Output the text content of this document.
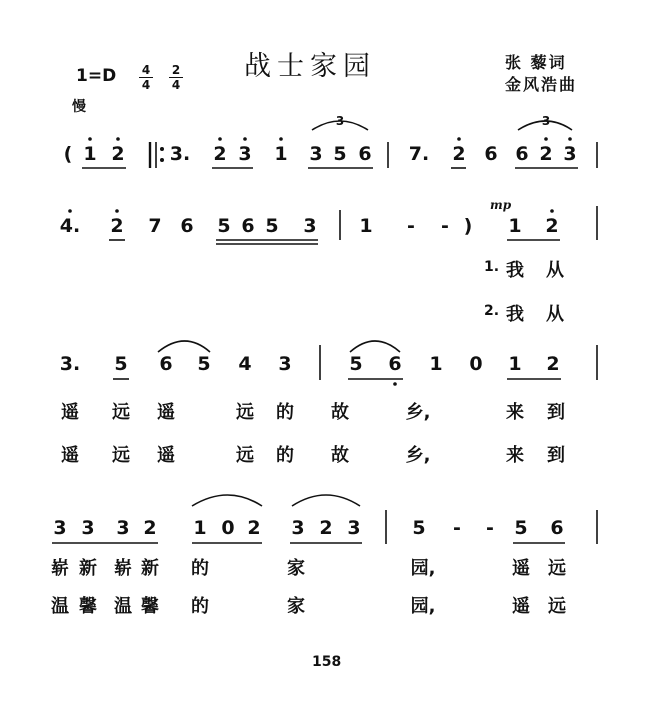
战士家园	张 藜词
金风浩曲
1=D 4
4
2
4
慢
mp
( 1 2 3. 2 3 1 3 5 6 7. 2 6 6 2 3
4. 2 7 6 5 6 5 3 1 - - ) 1 2
3. 5 6 5 4 3	5 6 1 0 1 2
3 3 3 2 1 0 2 3 2 3	5 - - 5 6
1. 我 从
2. 我 从
遥 远 遥	远 的 故	乡,	来 到
遥 远 遥	远 的 故	乡,	来 到
崭 新 崭 新 的	家	园,	遥 远
温 馨 温 馨 的	家	园,	遥 远
3	3
158
